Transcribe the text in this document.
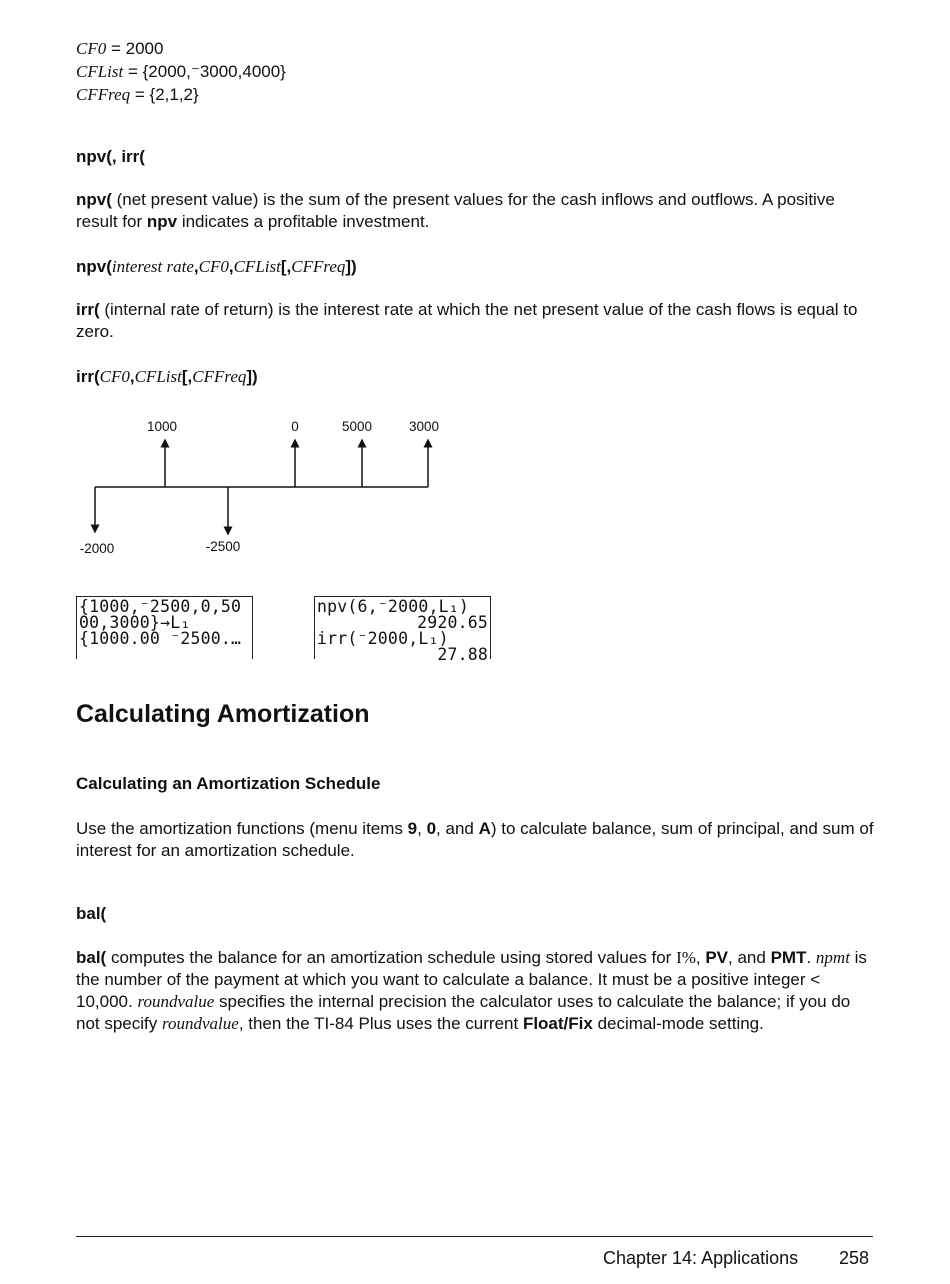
CF0 = 2000
CFList = {2000,⁻3000,4000}
CFFreq = {2,1,2}
npv(, irr(
npv( (net present value) is the sum of the present values for the cash inflows and outflows. A positive result for npv indicates a profitable investment.
npv(interest rate,CF0,CFList[,CFFreq])
irr( (internal rate of return) is the interest rate at which the net present value of the cash flows is equal to zero.
irr(CF0,CFList[,CFFreq])
1000	0	5000	3000
-2000	-2500
{1000,⁻2500,0,50
00,3000}→L₁
{1000.00 ⁻2500.…
npv(6,⁻2000,L₁)
2920.65
irr(⁻2000,L₁)
27.88
Calculating Amortization
Calculating an Amortization Schedule
Use the amortization functions (menu items 9, 0, and A) to calculate balance, sum of principal, and sum of interest for an amortization schedule.
bal(
bal( computes the balance for an amortization schedule using stored values for I%, PV, and PMT. npmt is the number of the payment at which you want to calculate a balance. It must be a positive integer < 10,000. roundvalue specifies the internal precision the calculator uses to calculate the balance; if you do not specify roundvalue, then the TI-84 Plus uses the current Float/Fix decimal-mode setting.
Chapter 14: Applications 258
